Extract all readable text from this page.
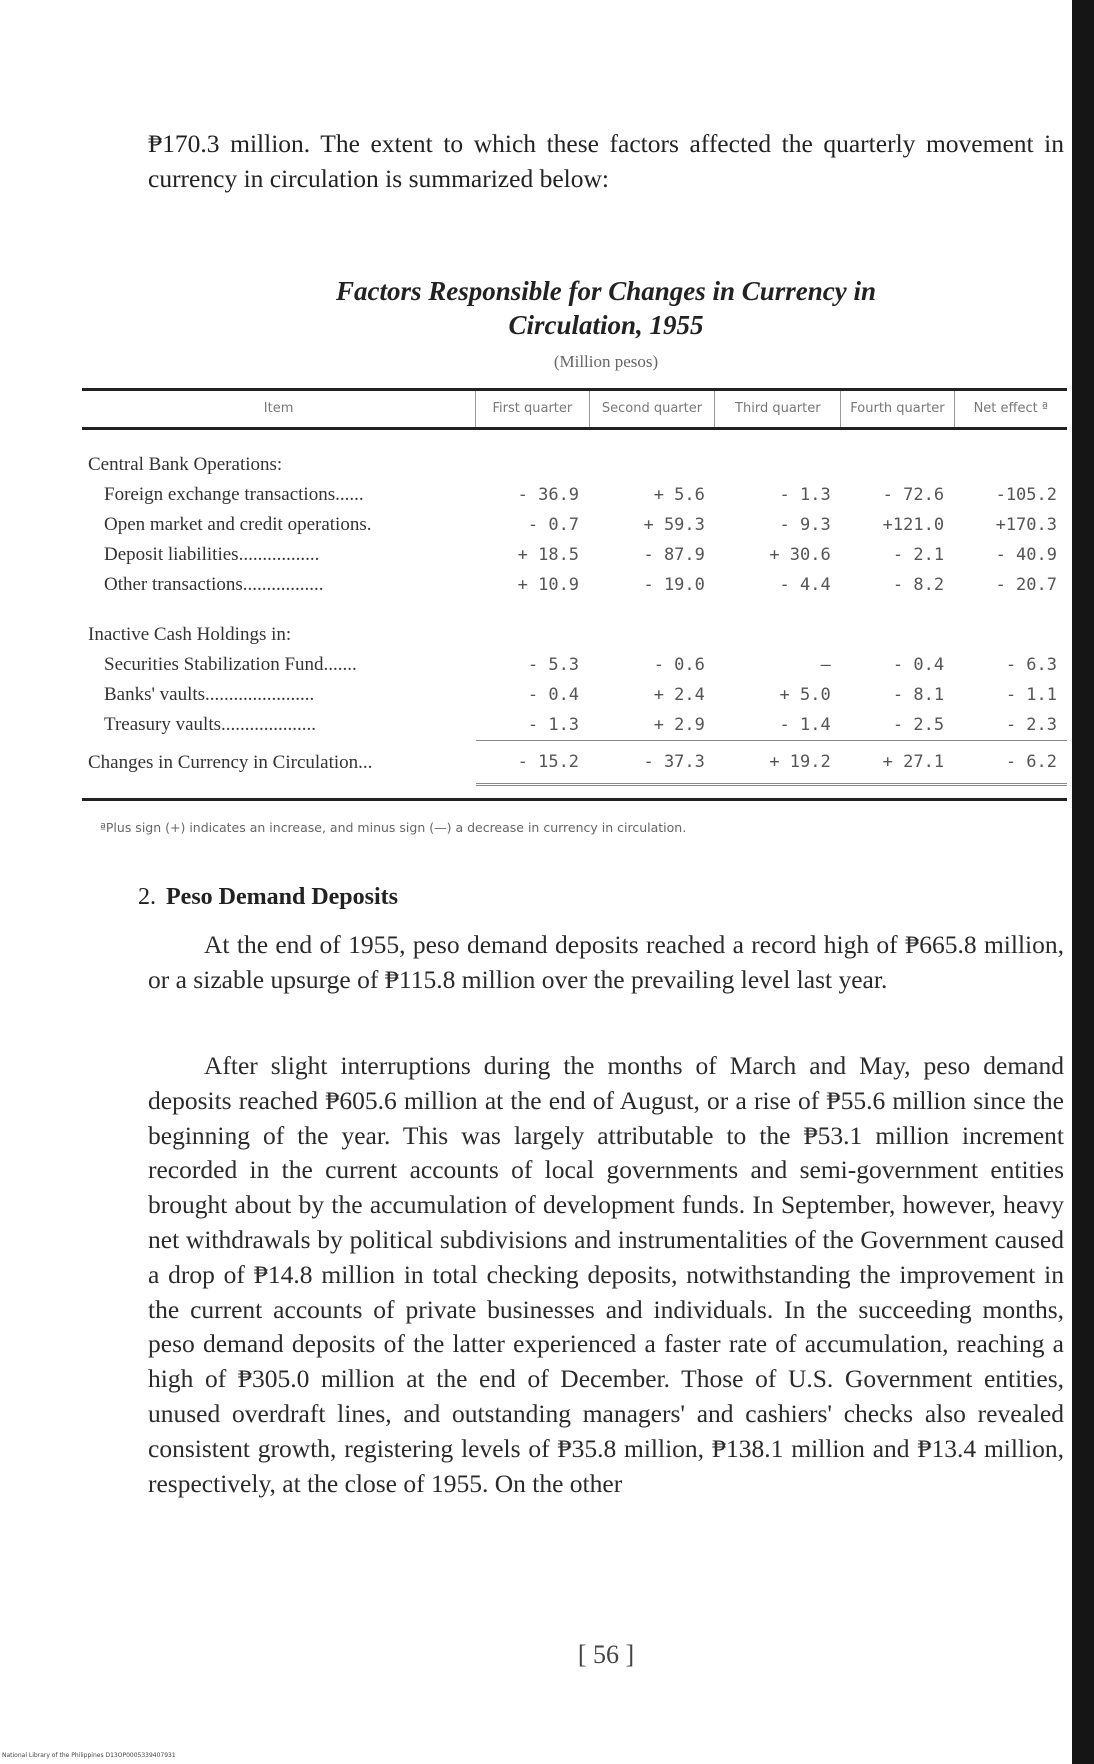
₱170.3 million. The extent to which these factors affected the quarterly movement in currency in circulation is summarized below:

Factors Responsible for Changes in Currency in
Circulation, 1955

(Million pesos)

Item	First quarter	Second quarter	Third quarter	Fourth quarter	Net effect ª

Central Bank Operations:					
Foreign exchange transactions......	- 36.9	+ 5.6	- 1.3	- 72.6	-105.2
Open market and credit operations.	- 0.7	+ 59.3	- 9.3	+121.0	+170.3
Deposit liabilities.................	+ 18.5	- 87.9	+ 30.6	- 2.1	- 40.9
Other transactions.................	+ 10.9	- 19.0	- 4.4	- 8.2	- 20.7

Inactive Cash Holdings in:					
Securities Stabilization Fund.......	- 5.3	- 0.6	—	- 0.4	- 6.3
Banks' vaults.......................	- 0.4	+ 2.4	+ 5.0	- 8.1	- 1.1
Treasury vaults....................	- 1.3	+ 2.9	- 1.4	- 2.5	- 2.3
Changes in Currency in Circulation...	- 15.2	- 37.3	+ 19.2	+ 27.1	- 6.2

ªPlus sign (+) indicates an increase, and minus sign (—) a decrease in currency in circulation.

2. Peso Demand Deposits

At the end of 1955, peso demand deposits reached a record high of ₱665.8 million, or a sizable upsurge of ₱115.8 million over the prevailing level last year.

After slight interruptions during the months of March and May, peso demand deposits reached ₱605.6 million at the end of August, or a rise of ₱55.6 million since the beginning of the year. This was largely attributable to the ₱53.1 million increment recorded in the current accounts of local governments and semi-government entities brought about by the accumulation of development funds. In September, however, heavy net withdrawals by political subdivisions and instrumentalities of the Government caused a drop of ₱14.8 million in total checking deposits, notwithstanding the improvement in the current accounts of private businesses and individuals. In the succeeding months, peso demand deposits of the latter experienced a faster rate of accumulation, reaching a high of ₱305.0 million at the end of December. Those of U.S. Government entities, unused overdraft lines, and outstanding managers' and cashiers' checks also revealed consistent growth, registering levels of ₱35.8 million, ₱138.1 million and ₱13.4 million, respectively, at the close of 1955. On the other

[ 56 ]

National Library of the Philippines D13OP0005339407931
